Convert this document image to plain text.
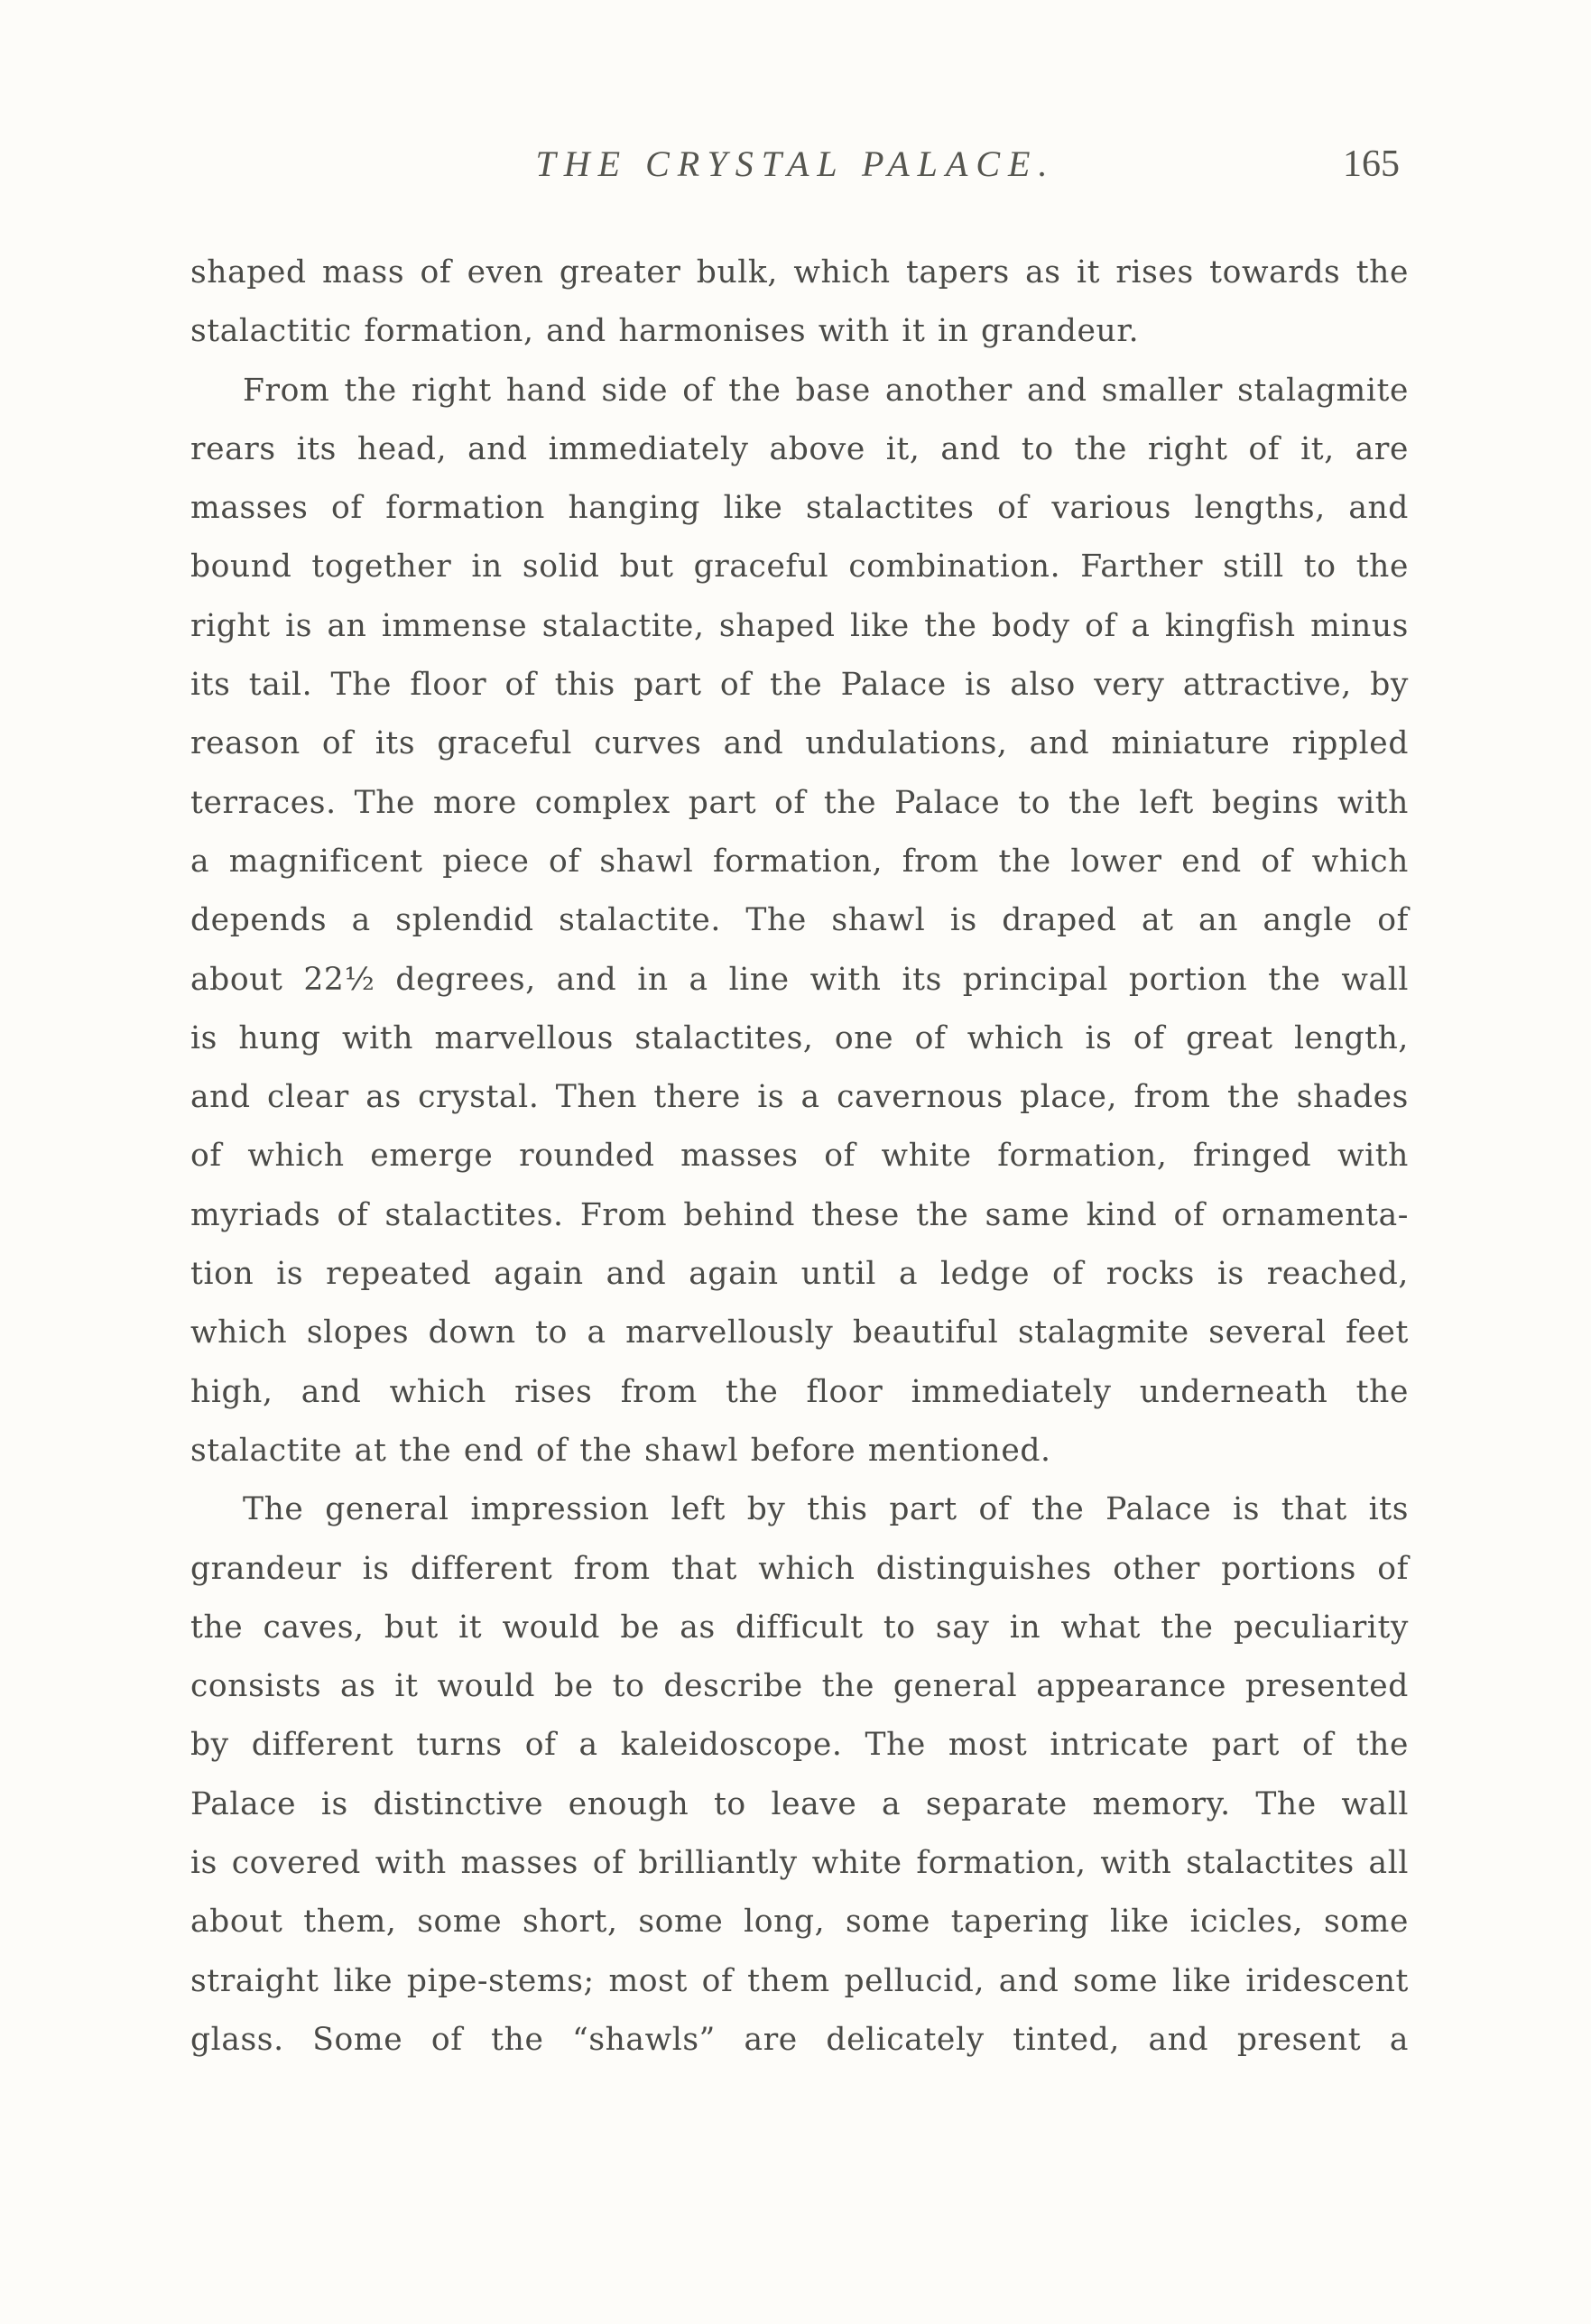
THE CRYSTAL PALACE.	165
shaped mass of even greater bulk, which tapers as it rises towards the
stalactitic formation, and harmonises with it in grandeur.
From the right hand side of the base another and smaller stalagmite
rears its head, and immediately above it, and to the right of it, are
masses of formation hanging like stalactites of various lengths, and
bound together in solid but graceful combination. Farther still to the
right is an immense stalactite, shaped like the body of a kingfish minus
its tail. The floor of this part of the Palace is also very attractive, by
reason of its graceful curves and undulations, and miniature rippled
terraces. The more complex part of the Palace to the left begins with
a magnificent piece of shawl formation, from the lower end of which
depends a splendid stalactite. The shawl is draped at an angle of
about 22½ degrees, and in a line with its principal portion the wall
is hung with marvellous stalactites, one of which is of great length,
and clear as crystal. Then there is a cavernous place, from the shades
of which emerge rounded masses of white formation, fringed with
myriads of stalactites. From behind these the same kind of ornamenta-
tion is repeated again and again until a ledge of rocks is reached,
which slopes down to a marvellously beautiful stalagmite several feet
high, and which rises from the floor immediately underneath the
stalactite at the end of the shawl before mentioned.
The general impression left by this part of the Palace is that its
grandeur is different from that which distinguishes other portions of
the caves, but it would be as difficult to say in what the peculiarity
consists as it would be to describe the general appearance presented
by different turns of a kaleidoscope. The most intricate part of the
Palace is distinctive enough to leave a separate memory. The wall
is covered with masses of brilliantly white formation, with stalactites all
about them, some short, some long, some tapering like icicles, some
straight like pipe-stems; most of them pellucid, and some like iridescent
glass. Some of the “shawls” are delicately tinted, and present a
